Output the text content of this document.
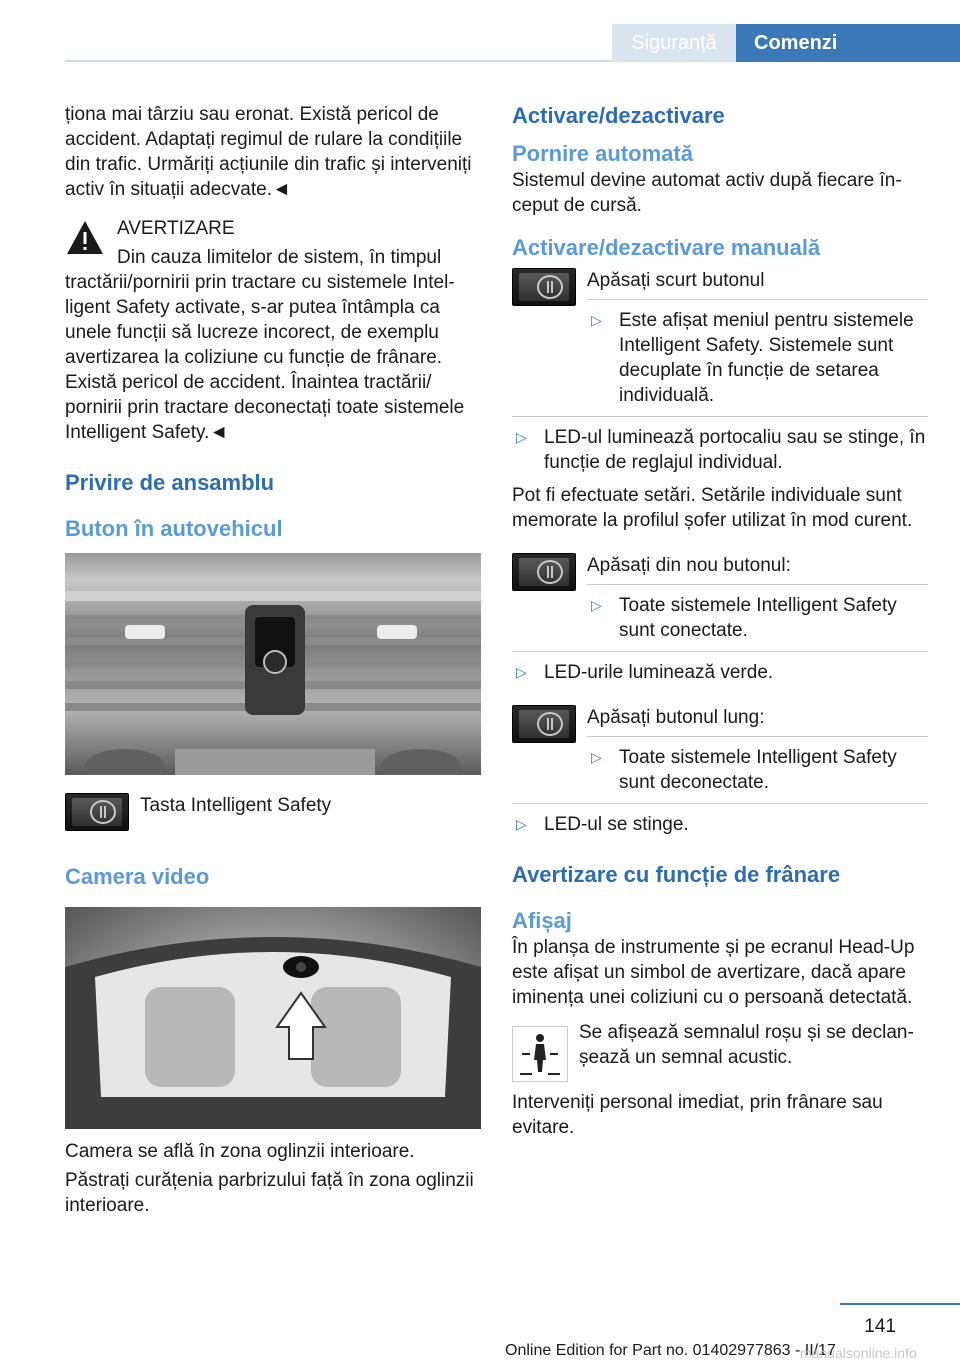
Siguranță	Comenzi

ționa mai târziu sau eronat. Există pericol de accident. Adaptați regimul de rulare la condițiile din trafic. Urmăriți acțiunile din trafic și interveniți activ în situații adecvate.◄

AVERTIZARE

Din cauza limitelor de sistem, în timpul tractării/pornirii prin tractare cu sistemele Intelligent Safety activate, s-ar putea întâmpla ca unele funcții să lucreze incorect, de exemplu avertizarea la coliziune cu funcție de frânare. Există pericol de accident. Înaintea tractării/ pornirii prin tractare deconectați toate sistemele Intelligent Safety.◄

Privire de ansamblu

Buton în autovehicul

Tasta Intelligent Safety

Camera video

Camera se află în zona oglinzii interioare.

Păstrați curățenia parbrizului față în zona oglinzii interioare.

Activare/dezactivare

Pornire automată

Sistemul devine automat activ după fiecare început de cursă.

Activare/dezactivare manuală

Apăsați scurt butonul

▷ Este afișat meniul pentru sistemele Intelligent Safety. Sistemele sunt decuplate în funcție de setarea individuală.
▷ LED-ul luminează portocaliu sau se stinge, în funcție de reglajul individual.

Pot fi efectuate setări. Setările individuale sunt memorate la profilul șofer utilizat în mod curent.

Apăsați din nou butonul:

▷ Toate sistemele Intelligent Safety sunt conectate.
▷ LED-urile luminează verde.

Apăsați butonul lung:

▷ Toate sistemele Intelligent Safety sunt deconectate.
▷ LED-ul se stinge.

Avertizare cu funcție de frânare

Afișaj

În planșa de instrumente și pe ecranul Head-Up este afișat un simbol de avertizare, dacă apare iminența unei coliziuni cu o persoană detectată.

Se afișează semnalul roșu și se declanșează un semnal acustic.

Interveniți personal imediat, prin frânare sau evitare.

141
Online Edition for Part no. 01402977863 - II/17
manualsonline.info
